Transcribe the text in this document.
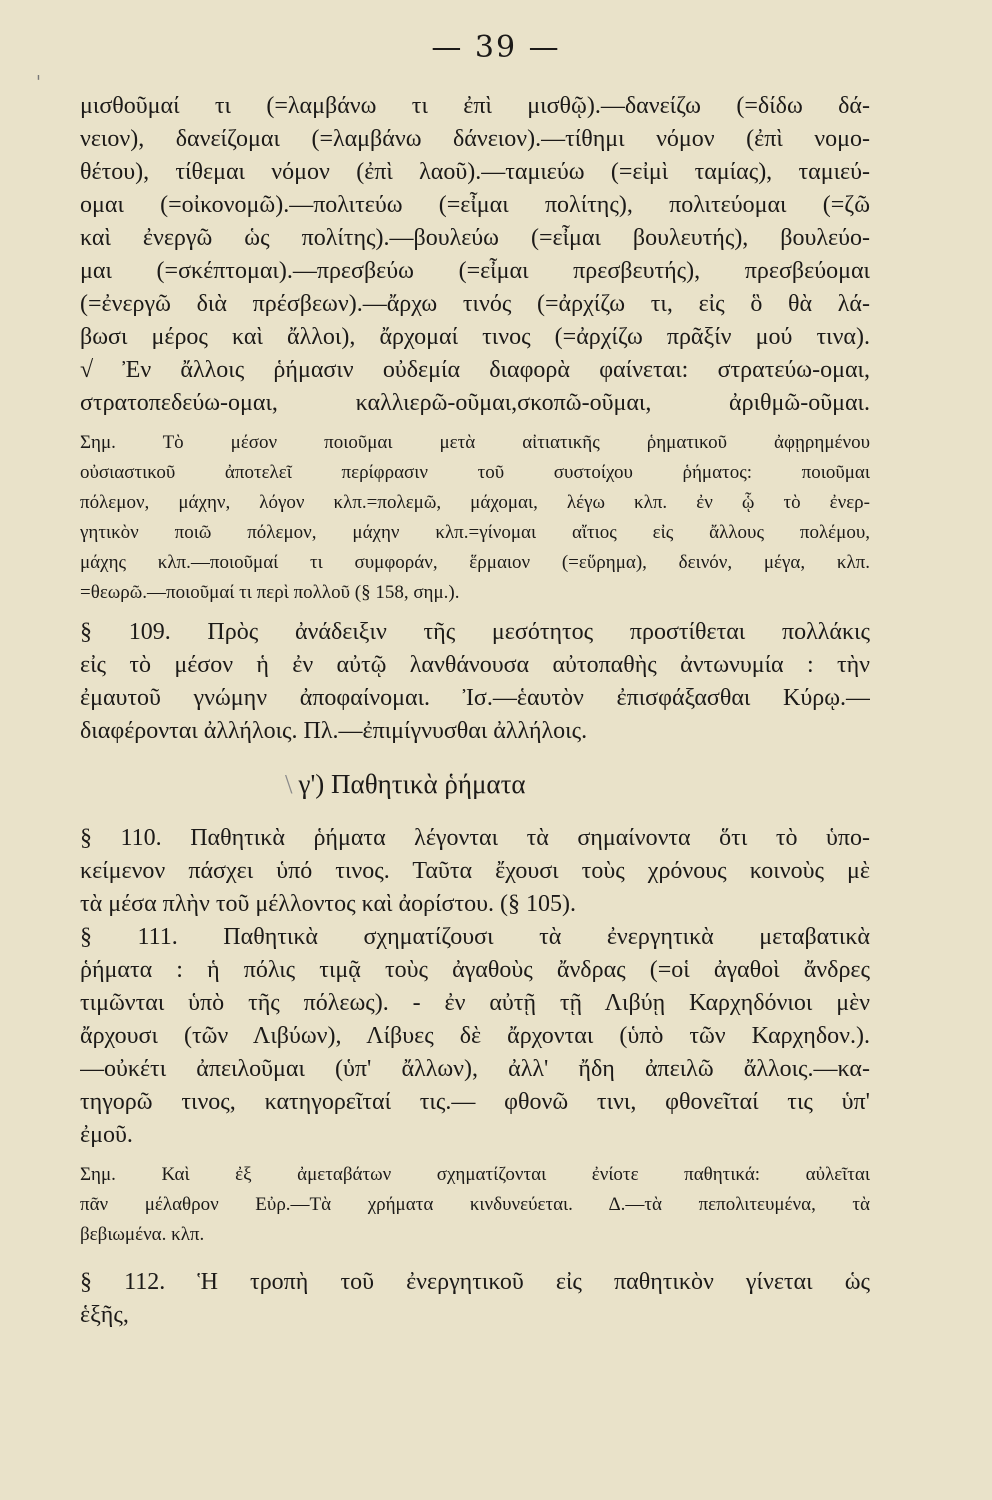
'
— 39 —
μισθοῦμαί τι (=λαμβάνω τι ἐπὶ μισθῷ).—δανείζω (=δίδω δά-
νειον), δανείζομαι (=λαμβάνω δάνειον).—τίθημι νόμον (ἐπὶ νομο-
θέτου), τίθεμαι νόμον (ἐπὶ λαοῦ).—ταμιεύω (=εἰμὶ ταμίας), ταμιεύ-
ομαι (=οἰκονομῶ).—πολιτεύω (=εἶμαι πολίτης), πολιτεύομαι (=ζῶ
καὶ ἐνεργῶ ὡς πολίτης).—βουλεύω (=εἶμαι βουλευτής), βουλεύο-
μαι (=σκέπτομαι).—πρεσβεύω (=εἶμαι πρεσβευτής), πρεσβεύομαι
(=ἐνεργῶ διὰ πρέσβεων).—ἄρχω τινός (=ἀρχίζω τι, εἰς ὃ θὰ λά-
βωσι μέρος καὶ ἄλλοι), ἄρχομαί τινος (=ἀρχίζω πρᾶξίν μού τινα).
√ Ἐν ἄλλοις ῥήμασιν οὐδεμία διαφορὰ φαίνεται: στρατεύω-ομαι,
στρατοπεδεύω-ομαι, καλλιερῶ-οῦμαι,σκοπῶ-οῦμαι, ἀριθμῶ-οῦμαι.
Σημ. Τὸ μέσον ποιοῦμαι μετὰ αἰτιατικῆς ῥηματικοῦ ἀφῃρημένου
οὐσιαστικοῦ ἀποτελεῖ περίφρασιν τοῦ συστοίχου ῥήματος: ποιοῦμαι
πόλεμον, μάχην, λόγον κλπ.=πολεμῶ, μάχομαι, λέγω κλπ. ἐν ᾧ τὸ ἐνερ-
γητικὸν ποιῶ πόλεμον, μάχην κλπ.=γίνομαι αἴτιος εἰς ἄλλους πολέμου,
μάχης κλπ.—ποιοῦμαί τι συμφοράν, ἕρμαιον (=εὕρημα), δεινόν, μέγα, κλπ.
=θεωρῶ.—ποιοῦμαί τι περὶ πολλοῦ (§ 158, σημ.).
§ 109. Πρὸς ἀνάδειξιν τῆς μεσότητος προστίθεται πολλάκις
εἰς τὸ μέσον ἡ ἐν αὐτῷ λανθάνουσα αὐτοπαθὴς ἀντωνυμία : τὴν
ἐμαυτοῦ γνώμην ἀποφαίνομαι. Ἰσ.—ἑαυτὸν ἐπισφάξασθαι Κύρῳ.—
διαφέρονται ἀλλήλοις. Πλ.—ἐπιμίγνυσθαι ἀλλήλοις.
\ γ') Παθητικὰ ῥήματα
§ 110. Παθητικὰ ῥήματα λέγονται τὰ σημαίνοντα ὅτι τὸ ὑπο-
κείμενον πάσχει ὑπό τινος. Ταῦτα ἔχουσι τοὺς χρόνους κοινοὺς μὲ
τὰ μέσα πλὴν τοῦ μέλλοντος καὶ ἀορίστου. (§ 105).
§ 111. Παθητικὰ σχηματίζουσι τὰ ἐνεργητικὰ μεταβατικὰ
ῥήματα : ἡ πόλις τιμᾷ τοὺς ἀγαθοὺς ἄνδρας (=οἱ ἀγαθοὶ ἄνδρες
τιμῶνται ὑπὸ τῆς πόλεως). - ἐν αὐτῇ τῇ Λιβύῃ Καρχηδόνιοι μὲν
ἄρχουσι (τῶν Λιβύων), Λίβυες δὲ ἄρχονται (ὑπὸ τῶν Καρχηδον.).
—οὐκέτι ἀπειλοῦμαι (ὑπ' ἄλλων), ἀλλ' ἤδη ἀπειλῶ ἄλλοις.—κα-
τηγορῶ τινος, κατηγορεῖταί τις.— φθονῶ τινι, φθονεῖταί τις ὑπ'
ἐμοῦ.
Σημ. Καὶ ἐξ ἀμεταβάτων σχηματίζονται ἐνίοτε παθητικά: αὐλεῖται
πᾶν μέλαθρον Εὐρ.—Τὰ χρήματα κινδυνεύεται. Δ.—τὰ πεπολιτευμένα, τὰ
βεβιωμένα. κλπ.
§ 112. Ἡ τροπὴ τοῦ ἐνεργητικοῦ εἰς παθητικὸν γίνεται ὡς
ἑξῆς,
